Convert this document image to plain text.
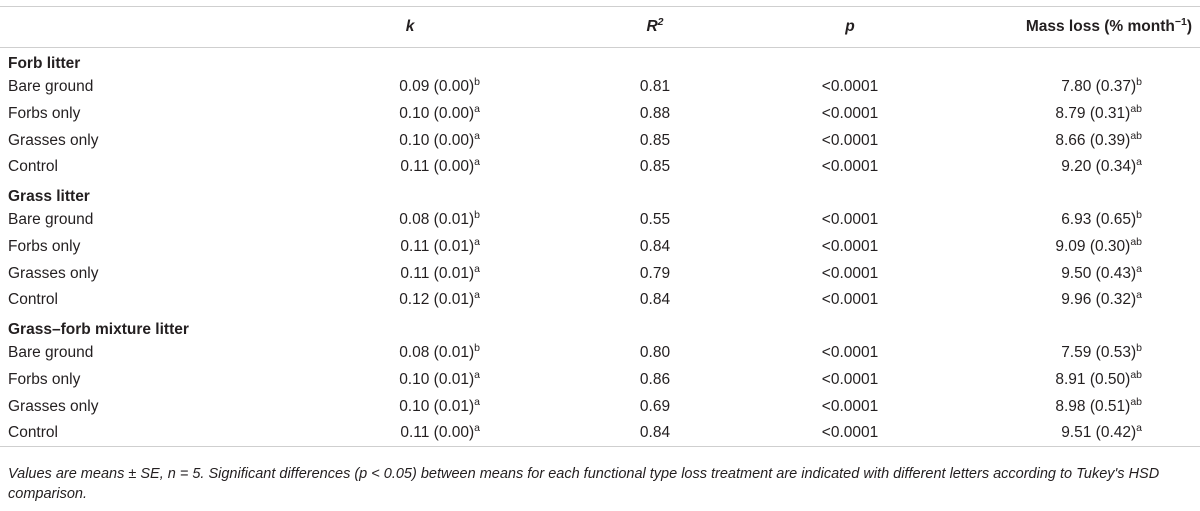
	k	$R^2$	p	Mass loss (% month$^{-1}$)
Forb litter				
Bare ground	0.09 $(0.00)^b$	0.81	<0.0001	7.80 $(0.37)^b$
Forbs only	0.10 $(0.00)^a$	0.88	<0.0001	8.79 $(0.31)^{ab}$
Grasses only	0.10 $(0.00)^a$	0.85	<0.0001	8.66 $(0.39)^{ab}$
Control	0.11 $(0.00)^a$	0.85	<0.0001	9.20 $(0.34)^a$
Grass litter				
Bare ground	0.08 $(0.01)^b$	0.55	<0.0001	6.93 $(0.65)^b$
Forbs only	0.11 $(0.01)^a$	0.84	<0.0001	9.09 $(0.30)^{ab}$
Grasses only	0.11 $(0.01)^a$	0.79	<0.0001	9.50 $(0.43)^a$
Control	0.12 $(0.01)^a$	0.84	<0.0001	9.96 $(0.32)^a$
Grass–forb mixture litter				
Bare ground	0.08 $(0.01)^b$	0.80	<0.0001	7.59 $(0.53)^b$
Forbs only	0.10 $(0.01)^a$	0.86	<0.0001	8.91 $(0.50)^{ab}$
Grasses only	0.10 $(0.01)^a$	0.69	<0.0001	8.98 $(0.51)^{ab}$
Control	0.11 $(0.00)^a$	0.84	<0.0001	9.51 $(0.42)^a$
Values are means ± SE, n = 5. Significant differences (p < 0.05) between means for each functional type loss treatment are indicated with different letters according to Tukey's HSD comparison.
